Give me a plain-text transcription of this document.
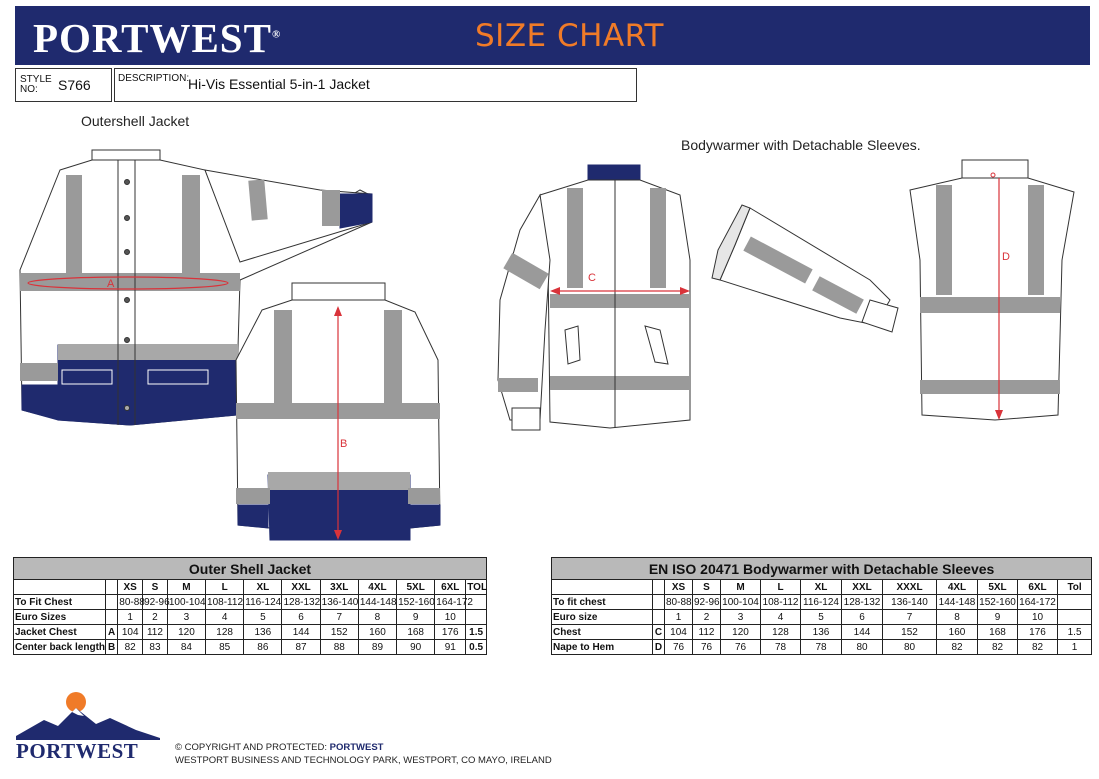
PORTWEST®	SIZE CHART
STYLE
NO:	S766	DESCRIPTION:
Hi-Vis Essential 5-in-1 Jacket
Outershell Jacket
Bodywarmer with Detachable Sleeves.
A
B
C
D
Outer Shell Jacket												
		XS	S	M	L	XL	XXL	3XL	4XL	5XL	6XL	TOL
To Fit Chest		80-88	92-96	100-104	108-112	116-124	128-132	136-140	144-148	152-160	164-172	
Euro Sizes		1	2	3	4	5	6	7	8	9	10	
Jacket Chest	A	104	112	120	128	136	144	152	160	168	176	1.5
Center back length	B	82	83	84	85	86	87	88	89	90	91	0.5
EN ISO 20471 Bodywarmer with Detachable Sleeves												
		XS	S	M	L	XL	XXL	XXXL	4XL	5XL	6XL	Tol
To fit chest		80-88	92-96	100-104	108-112	116-124	128-132	136-140	144-148	152-160	164-172	
Euro size		1	2	3	4	5	6	7	8	9	10	
Chest	C	104	112	120	128	136	144	152	160	168	176	1.5
Nape to Hem	D	76	76	76	78	78	80	80	82	82	82	1
PORTWEST	© COPYRIGHT AND PROTECTED: PORTWEST
WESTPORT BUSINESS AND TECHNOLOGY PARK, WESTPORT, CO MAYO, IRELAND
